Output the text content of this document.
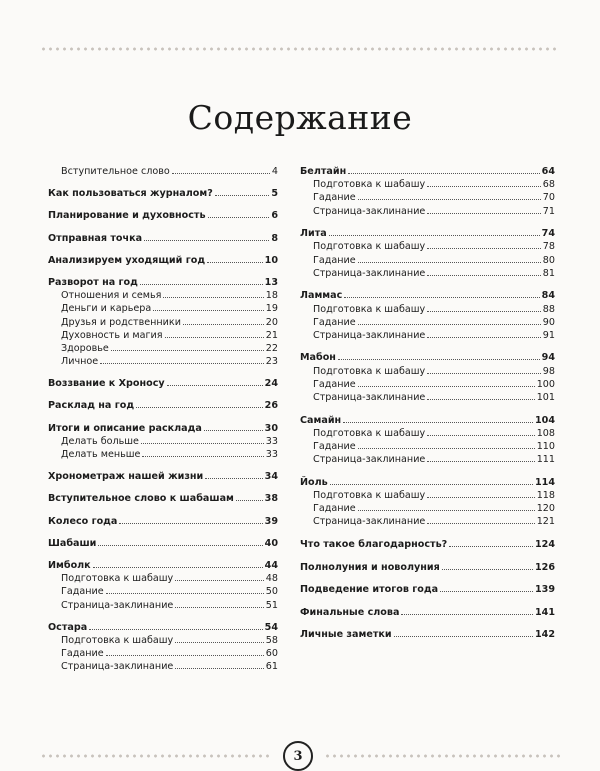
Содержание
Вступительное слово	4
Как пользоваться журналом?	5
Планирование и духовность	6
Отправная точка	8
Анализируем уходящий год	10
Разворот на год	13
Отношения и семья	18
Деньги и карьера	19
Друзья и родственники	20
Духовность и магия	21
Здоровье	22
Личное	23
Воззвание к Хроносу	24
Расклад на год	26
Итоги и описание расклада	30
Делать больше	33
Делать меньше	33
Хронометраж нашей жизни	34
Вступительное слово к шабашам	38
Колесо года	39
Шабаши	40
Имболк	44
Подготовка к шабашу	48
Гадание	50
Страница-заклинание	51
Остара	54
Подготовка к шабашу	58
Гадание	60
Страница-заклинание	61
Белтайн	64
Подготовка к шабашу	68
Гадание	70
Страница-заклинание	71
Лита	74
Подготовка к шабашу	78
Гадание	80
Страница-заклинание	81
Ламмас	84
Подготовка к шабашу	88
Гадание	90
Страница-заклинание	91
Мабон	94
Подготовка к шабашу	98
Гадание	100
Страница-заклинание	101
Самайн	104
Подготовка к шабашу	108
Гадание	110
Страница-заклинание	111
Йоль	114
Подготовка к шабашу	118
Гадание	120
Страница-заклинание	121
Что такое благодарность?	124
Полнолуния и новолуния	126
Подведение итогов года	139
Финальные слова	141
Личные заметки	142
3
